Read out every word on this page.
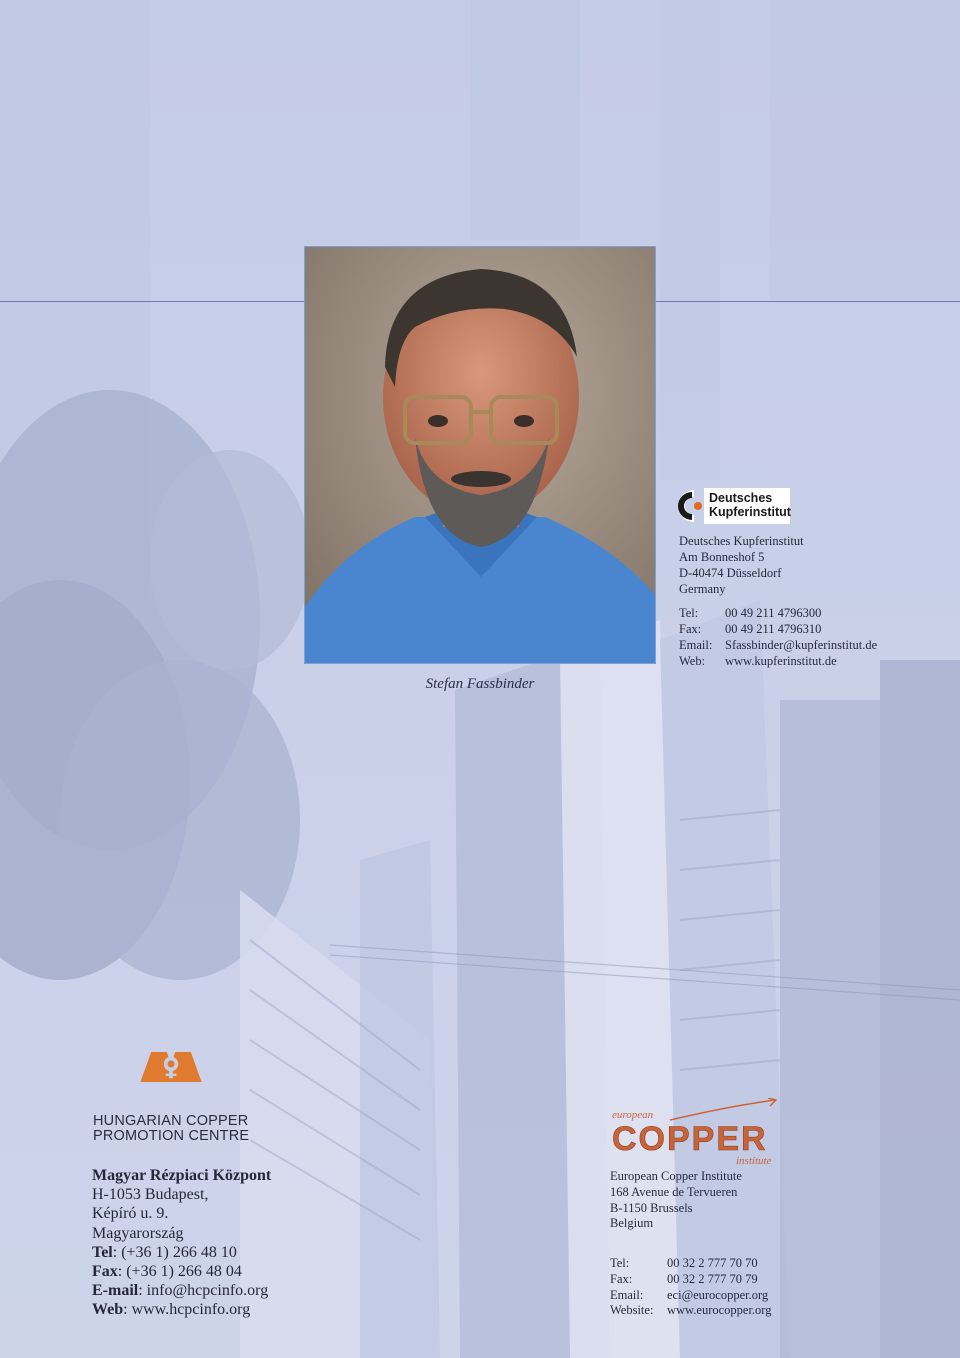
Stefan Fassbinder
Deutsches
Kupferinstitut
Deutsches Kupferinstitut
Am Bonneshof 5
D-40474 Düsseldorf
Germany
Tel:	00 49 211 4796300
Fax:	00 49 211 4796310
Email:	Sfassbinder@kupferinstitut.de
Web:	www.kupferinstitut.de
HUNGARIAN COPPER
PROMOTION CENTRE
Magyar Rézpiaci Központ
H-1053 Budapest,
Képíró u. 9.
Magyarország
Tel: (+36 1) 266 48 10
Fax: (+36 1) 266 48 04
E-mail: info@hcpcinfo.org
Web: www.hcpcinfo.org
european
COPPER
institute
European Copper Institute
168 Avenue de Tervueren
B-1150 Brussels
Belgium
Tel:	00 32 2 777 70 70
Fax:	00 32 2 777 70 79
Email:	eci@eurocopper.org
Website:	www.eurocopper.org
